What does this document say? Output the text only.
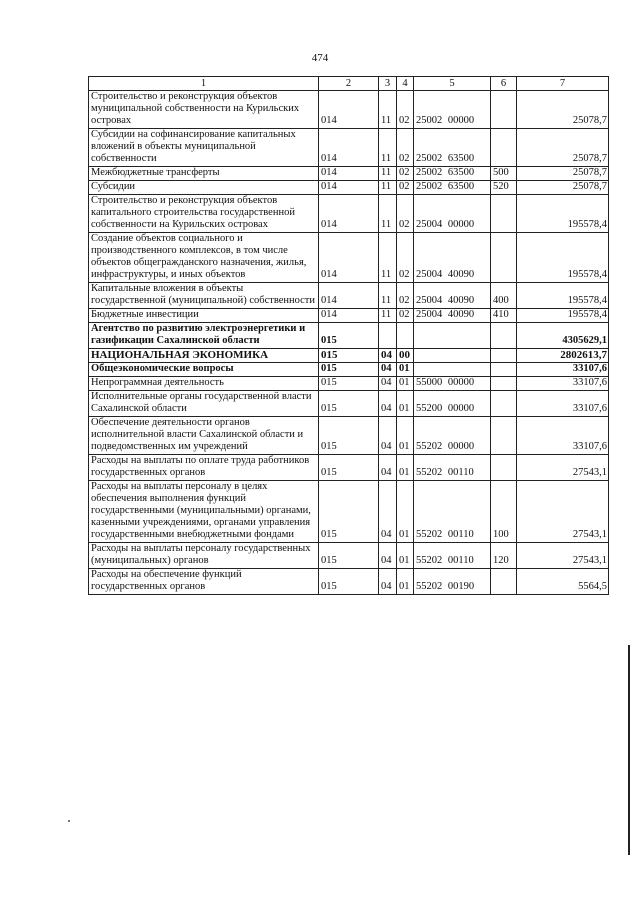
474
1	2	3	4	5	6	7
Строительство и реконструкция объектов муниципальной собственности на Курильских островах	014	11	02	25002 00000		25078,7
Субсидии на софинансирование капитальных вложений в объекты муниципальной собственности	014	11	02	25002 63500		25078,7
Межбюджетные трансферты	014	11	02	25002 63500	500	25078,7
Субсидии	014	11	02	25002 63500	520	25078,7
Строительство и реконструкция объектов капитального строительства государственной собственности на Курильских островах	014	11	02	25004 00000		195578,4
Создание объектов социального и производственного комплексов, в том числе объектов общегражданского назначения, жилья, инфраструктуры, и иных объектов	014	11	02	25004 40090		195578,4
Капитальные вложения в объекты государственной (муниципальной) собственности	014	11	02	25004 40090	400	195578,4
Бюджетные инвестиции	014	11	02	25004 40090	410	195578,4
Агентство по развитию электроэнергетики и газификации Сахалинской области	015					4305629,1
НАЦИОНАЛЬНАЯ ЭКОНОМИКА	015	04	00			2802613,7
Общеэкономические вопросы	015	04	01			33107,6
Непрограммная деятельность	015	04	01	55000 00000		33107,6
Исполнительные органы государственной власти Сахалинской области	015	04	01	55200 00000		33107,6
Обеспечение деятельности органов исполнительной власти Сахалинской области и подведомственных им учреждений	015	04	01	55202 00000		33107,6
Расходы на выплаты по оплате труда работников государственных органов	015	04	01	55202 00110		27543,1
Расходы на выплаты персоналу в целях обеспечения выполнения функций государственными (муниципальными) органами, казенными учреждениями, органами управления государственными внебюджетными фондами	015	04	01	55202 00110	100	27543,1
Расходы на выплаты персоналу государственных (муниципальных) органов	015	04	01	55202 00110	120	27543,1
Расходы на обеспечение функций государственных органов	015	04	01	55202 00190		5564,5
